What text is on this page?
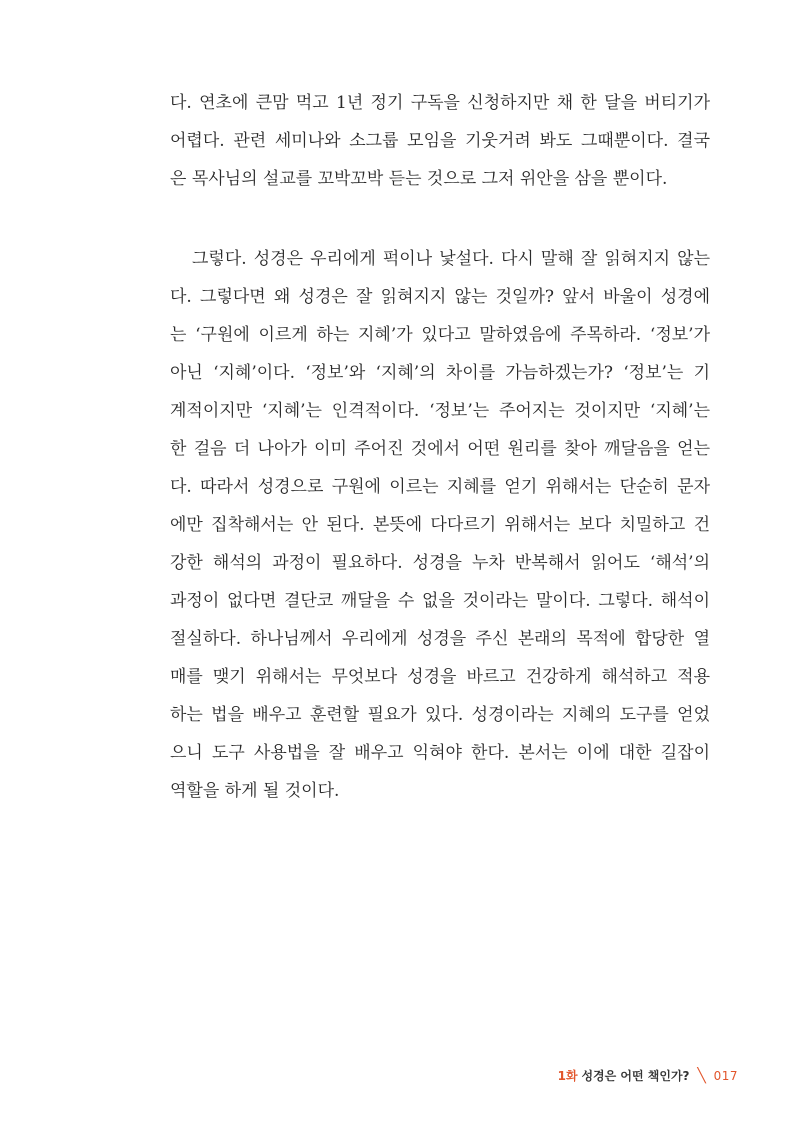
다. 연초에 큰맘 먹고 1년 정기 구독을 신청하지만 채 한 달을 버티기가
어렵다. 관련 세미나와 소그룹 모임을 기웃거려 봐도 그때뿐이다. 결국
은 목사님의 설교를 꼬박꼬박 듣는 것으로 그저 위안을 삼을 뿐이다.
그렇다. 성경은 우리에게 퍽이나 낯설다. 다시 말해 잘 읽혀지지 않는
다. 그렇다면 왜 성경은 잘 읽혀지지 않는 것일까? 앞서 바울이 성경에
는 ‘구원에 이르게 하는 지혜’가 있다고 말하였음에 주목하라. ‘정보’가
아닌 ‘지혜’이다. ‘정보’와 ‘지혜’의 차이를 가늠하겠는가? ‘정보’는 기
계적이지만 ‘지혜’는 인격적이다. ‘정보’는 주어지는 것이지만 ‘지혜’는
한 걸음 더 나아가 이미 주어진 것에서 어떤 원리를 찾아 깨달음을 얻는
다. 따라서 성경으로 구원에 이르는 지혜를 얻기 위해서는 단순히 문자
에만 집착해서는 안 된다. 본뜻에 다다르기 위해서는 보다 치밀하고 건
강한 해석의 과정이 필요하다. 성경을 누차 반복해서 읽어도 ‘해석’의
과정이 없다면 결단코 깨달을 수 없을 것이라는 말이다. 그렇다. 해석이
절실하다. 하나님께서 우리에게 성경을 주신 본래의 목적에 합당한 열
매를 맺기 위해서는 무엇보다 성경을 바르고 건강하게 해석하고 적용
하는 법을 배우고 훈련할 필요가 있다. 성경이라는 지혜의 도구를 얻었
으니 도구 사용법을 잘 배우고 익혀야 한다. 본서는 이에 대한 길잡이
역할을 하게 될 것이다.
1화 성경은 어떤 책인가? ╲ 017
